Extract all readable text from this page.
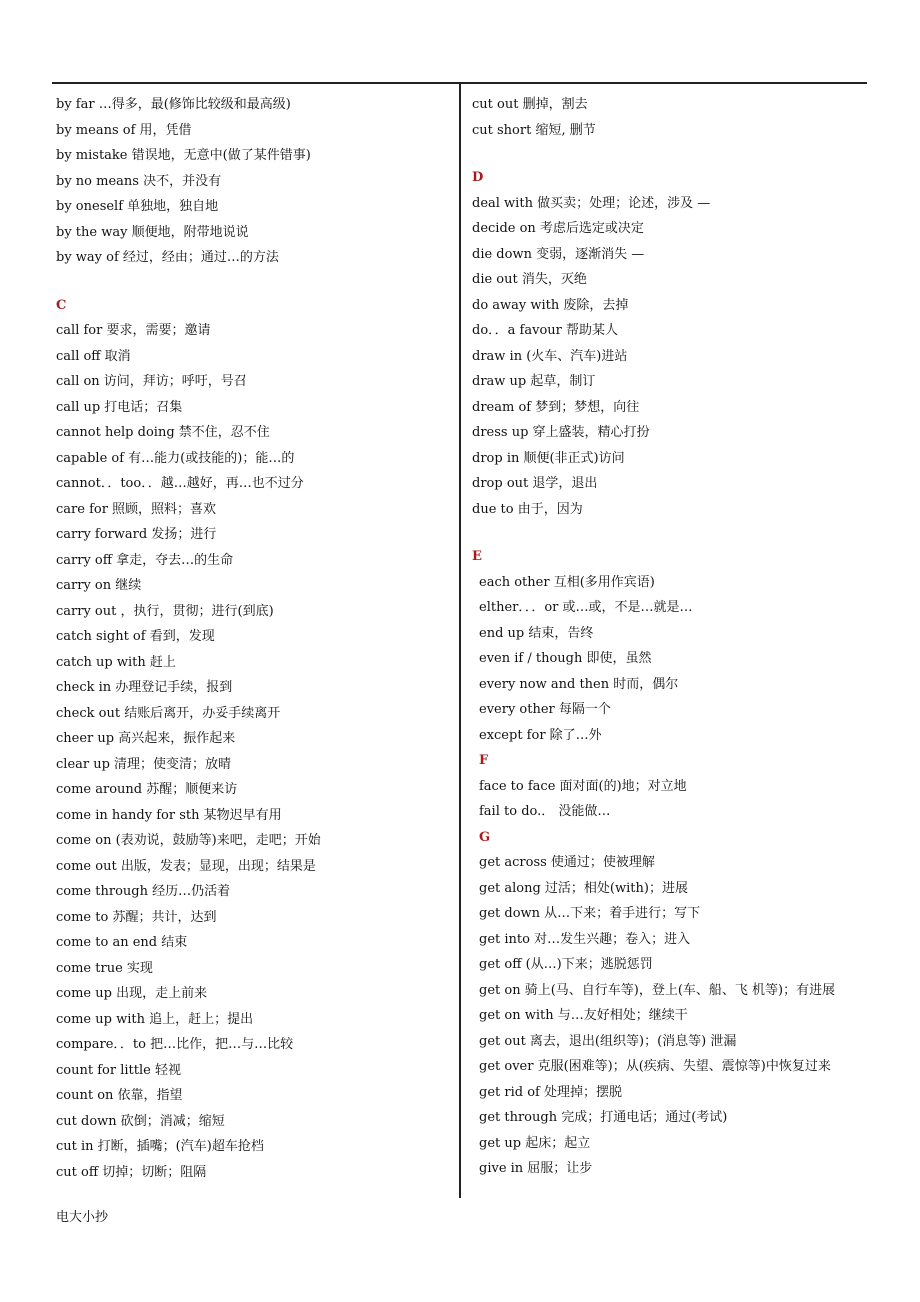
by far …得多，最(修饰比较级和最高级)
by means of 用，凭借
by mistake 错误地，无意中(做了某件错事)
by no means 决不，并没有
by oneself 单独地，独自地
by the way 顺便地，附带地说说
by way of 经过，经由；通过…的方法
C
call for 要求，需要；邀请
call off 取消
call on 访问，拜访；呼吁，号召
call up 打电话；召集
cannot help doing 禁不住，忍不住
capable of 有…能力(或技能的)；能…的
cannot．．too．．越…越好，再…也不过分
care for 照顾，照料；喜欢
carry forward 发扬；进行
carry off 拿走，夺去…的生命
carry on 继续
carry out ，执行，贯彻；进行(到底)
catch sight of 看到，发现
catch up with 赶上
check in 办理登记手续，报到
check out 结账后离开，办妥手续离开
cheer up 高兴起来，振作起来
clear up 清理；使变清；放晴
come around 苏醒；顺便来访
come in handy for sth 某物迟早有用
come on (表劝说，鼓励等)来吧，走吧；开始
come out 出版，发表；显现，出现；结果是
come through 经历…仍活着
come to 苏醒；共计，达到
come to an end 结束
come true 实现
come up 出现，走上前来
come up with 追上，赶上；提出
compare．．to 把…比作，把…与…比较
count for little 轻视
count on 依靠，指望
cut down 砍倒；消减；缩短
cut in 打断，插嘴；(汽车)超车抢档
cut off 切掉；切断；阻隔
cut out 删掉，割去
cut short 缩短, 删节
D
deal with 做买卖；处理；论述，涉及 —
decide on 考虑后选定或决定
die down 变弱，逐渐消失 —
die out 消失，灭绝
do away with 废除，去掉
do．．a favour 帮助某人
draw in (火车、汽车)进站
draw up 起草，制订
dream of 梦到；梦想，向往
dress up 穿上盛装，精心打扮
drop in 顺便(非正式)访问
drop out 退学，退出
due to 由于，因为
E
each other 互相(多用作宾语)
elther．．．or 或…或，不是…就是…
end up 结束，告终
even if / though 即使，虽然
every now and then 时而，偶尔
every other 每隔一个
except for 除了…外
F
face to face 面对面(的)地；对立地
fail to do.． 没能做…
G
get across 使通过；使被理解
get along 过活；相处(with)；进展
get down 从…下来；着手进行；写下
get into 对…发生兴趣；卷入；进入
get off (从…)下来；逃脱惩罚
get on 骑上(马、自行车等)，登上(车、船、飞 机等)；有进展
get on with 与…友好相处；继续干
get out 离去，退出(组织等)；(消息等) 泄漏
get over 克服(困难等)；从(疾病、失望、震惊等)中恢复过来
get rid of 处理掉；摆脱
get through 完成；打通电话；通过(考试)
get up 起床；起立
give in 屈服；让步
电大小抄
